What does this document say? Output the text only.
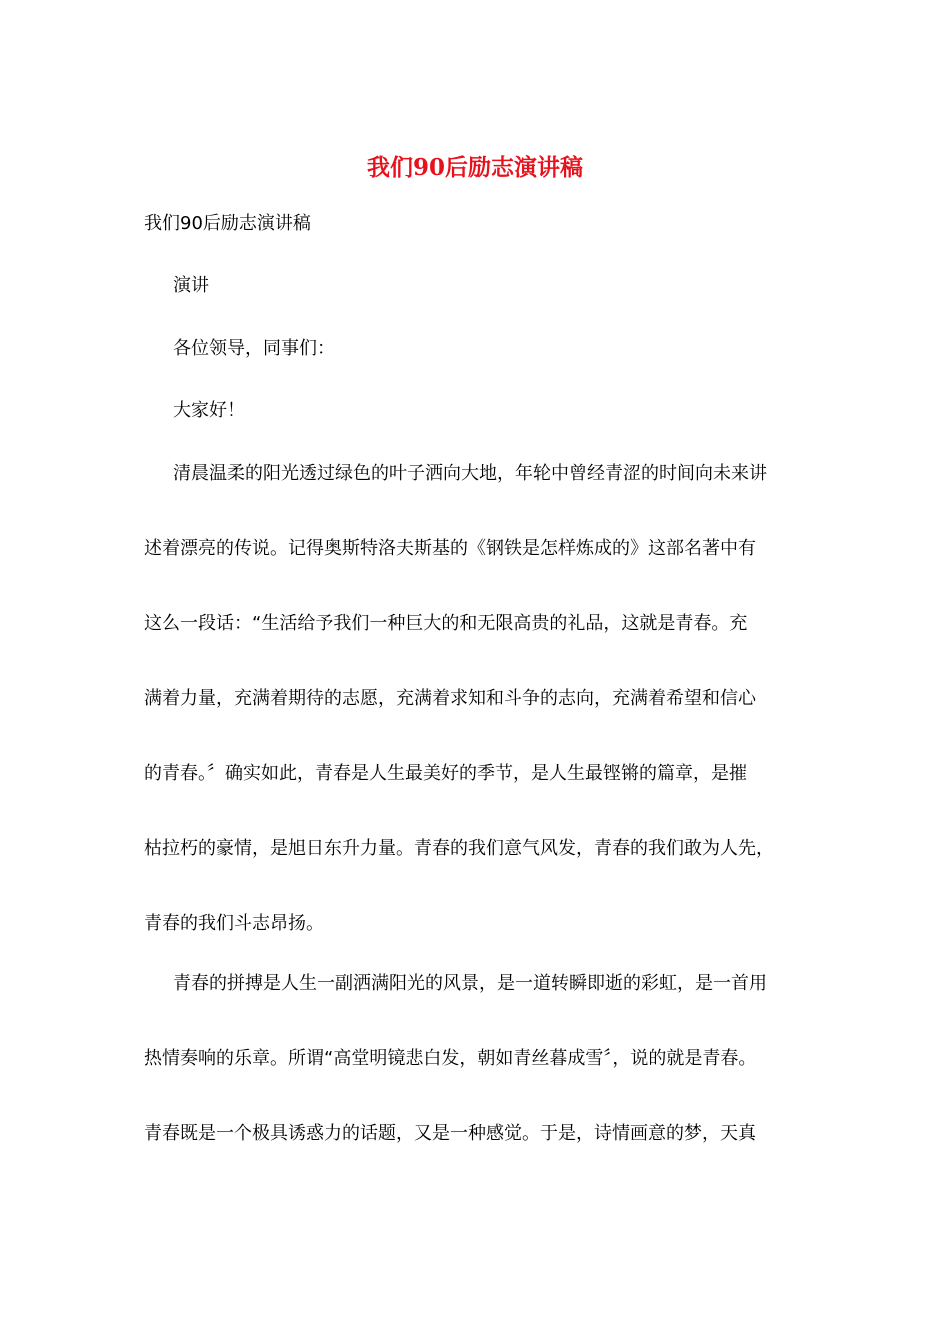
我们90后励志演讲稿

我们90后励志演讲稿

演讲

各位领导，同事们：

大家好！

清晨温柔的阳光透过绿色的叶子洒向大地，年轮中曾经青涩的时间向未来讲
述着漂亮的传说。记得奥斯特洛夫斯基的《钢铁是怎样炼成的》这部名著中有
这么一段话：“生活给予我们一种巨大的和无限高贵的礼品，这就是青春。充
满着力量，充满着期待的志愿，充满着求知和斗争的志向，充满着希望和信心
的青春。〞确实如此，青春是人生最美好的季节，是人生最铿锵的篇章，是摧
枯拉朽的豪情，是旭日东升力量。青春的我们意气风发，青春的我们敢为人先，
青春的我们斗志昂扬。
青春的拼搏是人生一副洒满阳光的风景，是一道转瞬即逝的彩虹，是一首用
热情奏响的乐章。所谓“高堂明镜悲白发，朝如青丝暮成雪〞，说的就是青春。
青春既是一个极具诱惑力的话题，又是一种感觉。于是，诗情画意的梦，天真
